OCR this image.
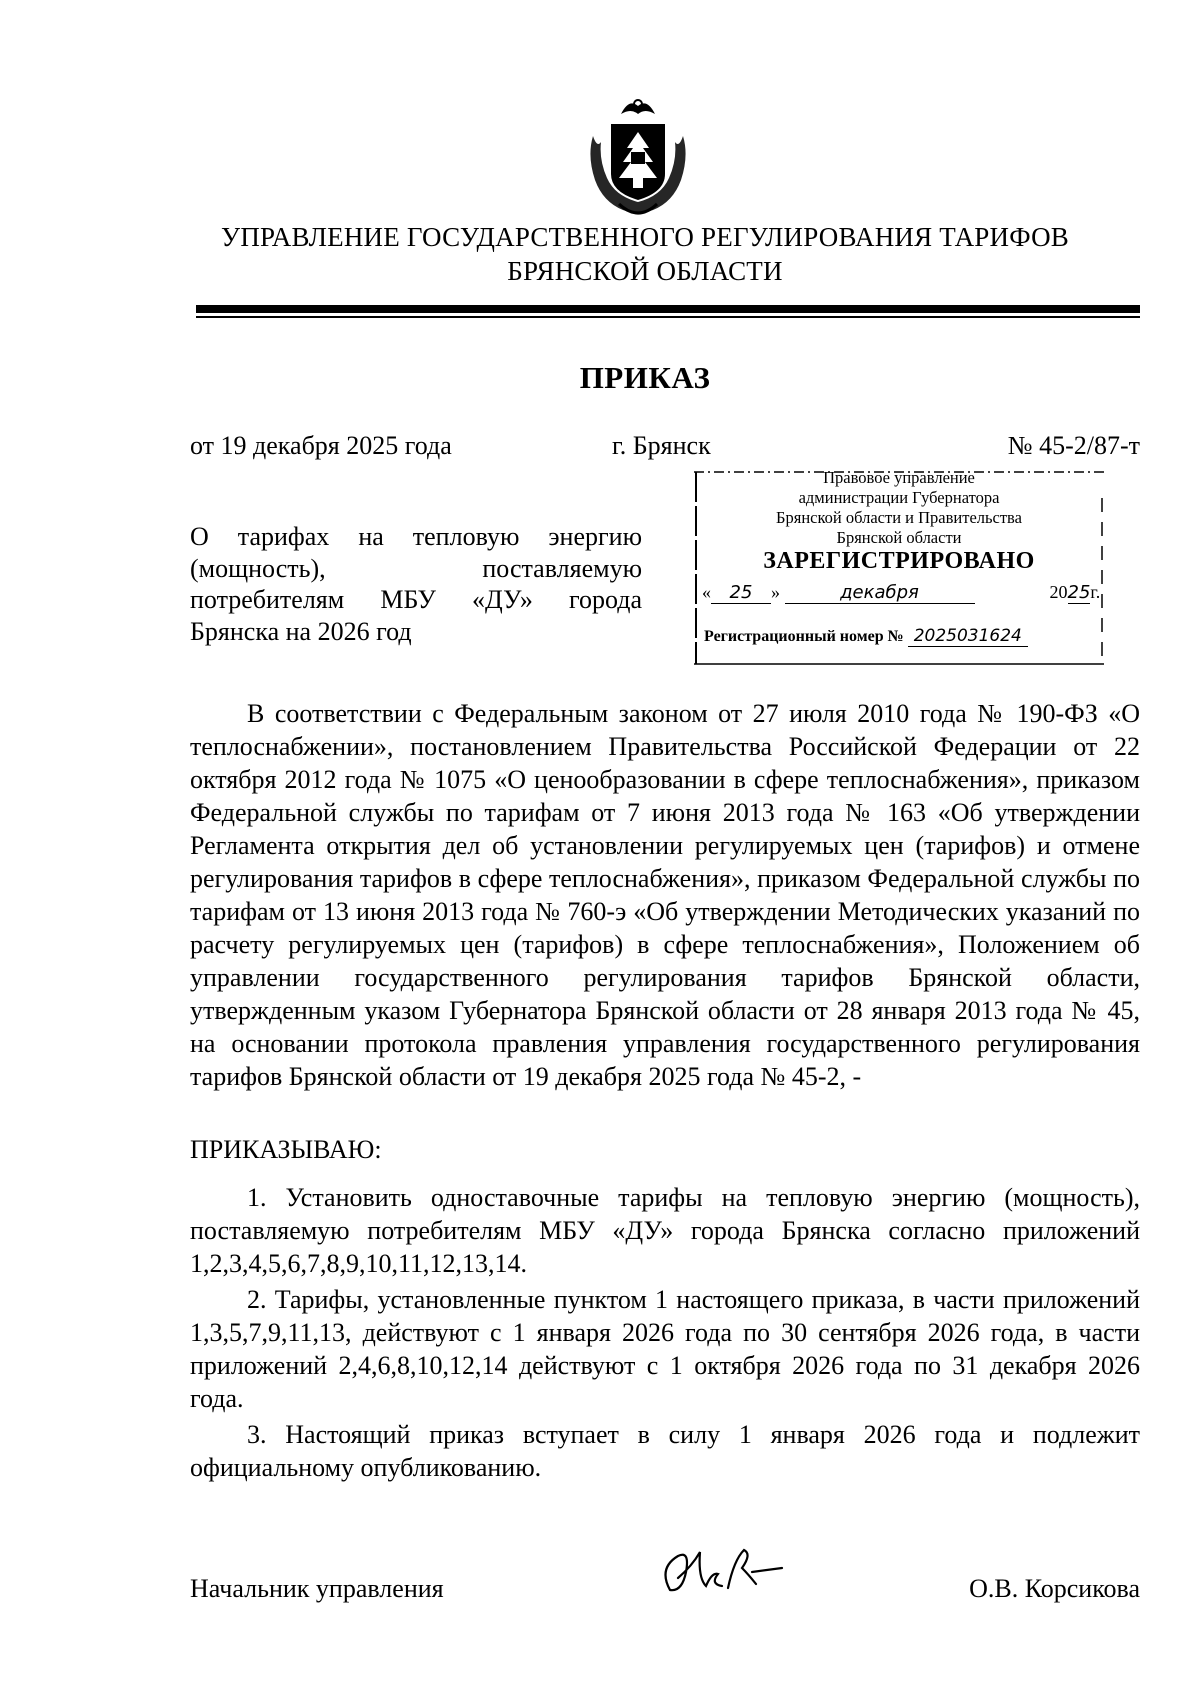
УПРАВЛЕНИЕ ГОСУДАРСТВЕННОГО РЕГУЛИРОВАНИЯ ТАРИФОВ
БРЯНСКОЙ ОБЛАСТИ
ПРИКАЗ
от 19 декабря 2025 года	г. Брянск	№ 45-2/87-т
О тарифах на тепловую энергию (мощность), поставляемую потребителям МБУ «ДУ» города Брянска на 2026 год
Правовое управление
администрации Губернатора
Брянской области и Правительства
Брянской области
ЗАРЕГИСТРИРОВАНО
« 25 »	декабря	2025г.
Регистрационный номер № 2025031624

В соответствии с Федеральным законом от 27 июля 2010 года № 190-ФЗ «О теплоснабжении», постановлением Правительства Российской Федерации от 22 октября 2012 года № 1075 «О ценообразовании в сфере теплоснабжения», приказом Федеральной службы по тарифам от 7 июня 2013 года № 163 «Об утверждении Регламента открытия дел об установлении регулируемых цен (тарифов) и отмене регулирования тарифов в сфере теплоснабжения», приказом Федеральной службы по тарифам от 13 июня 2013 года № 760-э «Об утверждении Методических указаний по расчету регулируемых цен (тарифов) в сфере теплоснабжения», Положением об управлении государственного регулирования тарифов Брянской области, утвержденным указом Губернатора Брянской области от 28 января 2013 года № 45, на основании протокола правления управления государственного регулирования тарифов Брянской области от 19 декабря 2025 года № 45-2, -

ПРИКАЗЫВАЮ:

1. Установить одноставочные тарифы на тепловую энергию (мощность), поставляемую потребителям МБУ «ДУ» города Брянска согласно приложений 1,2,3,4,5,6,7,8,9,10,11,12,13,14.

2. Тарифы, установленные пунктом 1 настоящего приказа, в части приложений 1,3,5,7,9,11,13, действуют с 1 января 2026 года по 30 сентября 2026 года, в части приложений 2,4,6,8,10,12,14 действуют с 1 октября 2026 года по 31 декабря 2026 года.

3. Настоящий приказ вступает в силу 1 января 2026 года и подлежит официальному опубликованию.

Начальник управления	О.В. Корсикова
